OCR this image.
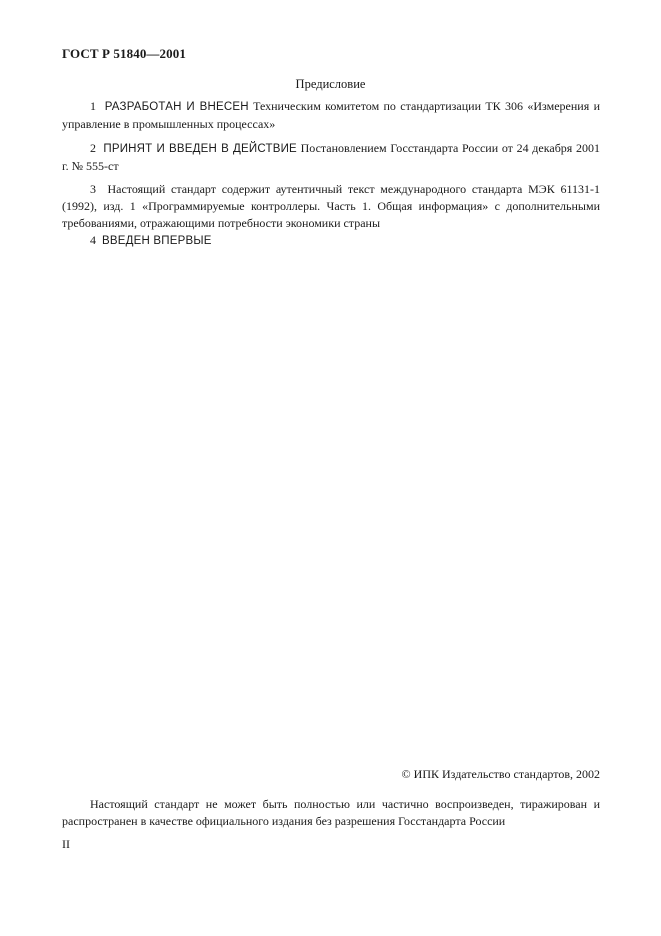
ГОСТ Р 51840—2001
Предисловие
1 РАЗРАБОТАН И ВНЕСЕН Техническим комитетом по стандартизации ТК 306 «Измерения и управление в промышленных процессах»
2 ПРИНЯТ И ВВЕДЕН В ДЕЙСТВИЕ Постановлением Госстандарта России от 24 декабря 2001 г. № 555-ст
3 Настоящий стандарт содержит аутентичный текст международного стандарта МЭК 61131-1 (1992), изд. 1 «Программируемые контроллеры. Часть 1. Общая информация» с дополнительными требованиями, отражающими потребности экономики страны
4 ВВЕДЕН ВПЕРВЫЕ
© ИПК Издательство стандартов, 2002
Настоящий стандарт не может быть полностью или частично воспроизведен, тиражирован и распространен в качестве официального издания без разрешения Госстандарта России
II
